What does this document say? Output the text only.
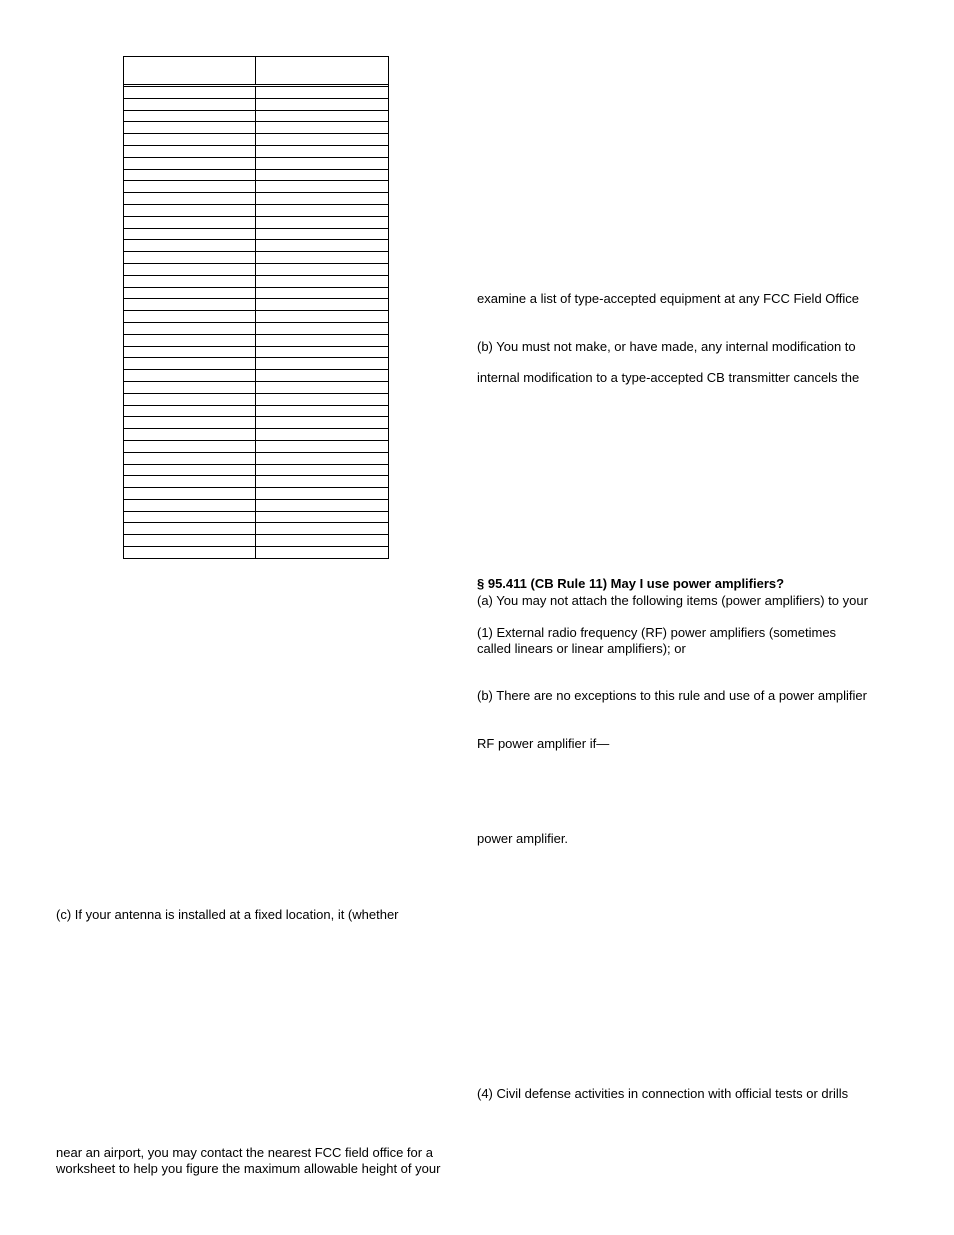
examine a list of type-accepted equipment at any FCC Field Office
(b) You must not make, or have made, any internal modification to
internal modification to a type-accepted CB transmitter cancels the
§ 95.411 (CB Rule 11) May I use power amplifiers?
(a) You may not attach the following items (power amplifiers) to your
(1) External radio frequency (RF) power amplifiers (sometimes
called linears or linear amplifiers); or
(b) There are no exceptions to this rule and use of a power amplifier
RF power amplifier if—
power amplifier.
(4) Civil defense activities in connection with official tests or drills
(c) If your antenna is installed at a fixed location, it (whether
near an airport, you may contact the nearest FCC field office for a
worksheet to help you figure the maximum allowable height of your
